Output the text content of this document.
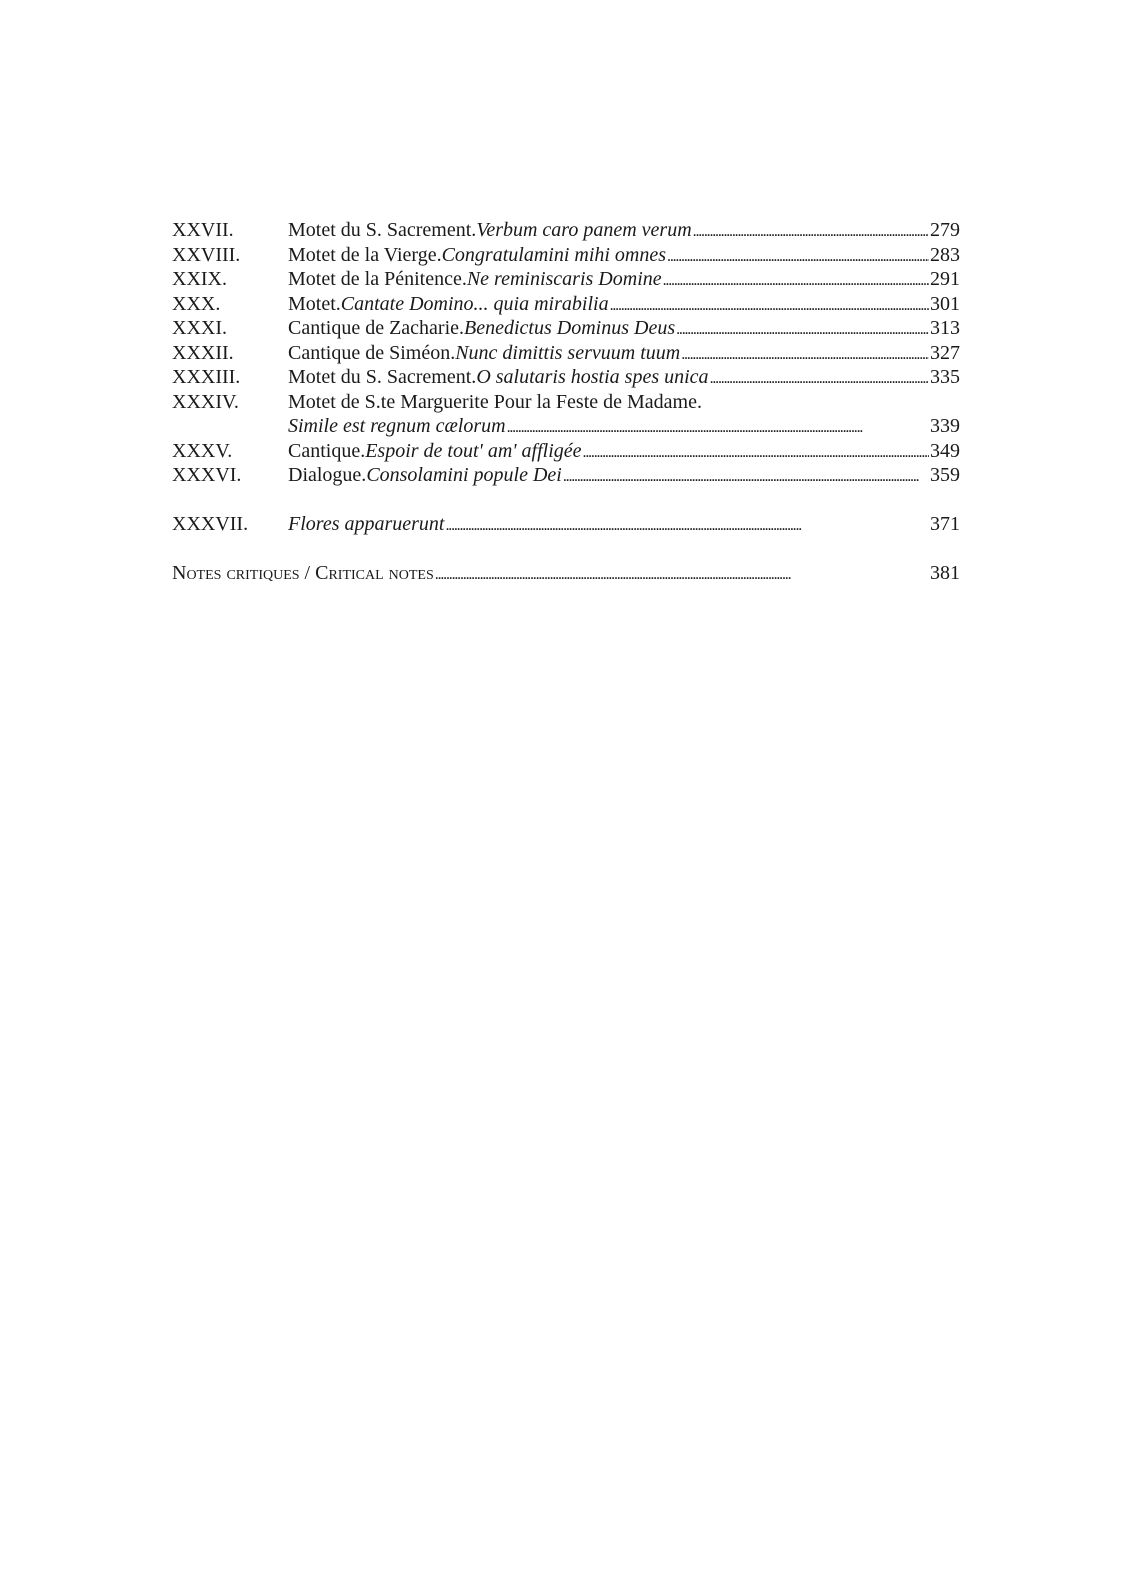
XXVII.	Motet du S. Sacrement. Verbum caro panem verum . . .	279
XXVIII.	Motet de la Vierge. Congratulamini mihi omnes . . .	283
XXIX.	Motet de la Pénitence. Ne reminiscaris Domine . . .	291
XXX.	Motet. Cantate Domino... quia mirabilia . . .	301
XXXI.	Cantique de Zacharie. Benedictus Dominus Deus . . .	313
XXXII.	Cantique de Siméon. Nunc dimittis servuum tuum . . .	327
XXXIII.	Motet du S. Sacrement. O salutaris hostia spes unica . . .	335
XXXIV.	Motet de S.te Marguerite Pour la Feste de Madame.
Simile est regnum cælorum . . .	339
XXXV.	Cantique. Espoir de tout' am' affligée . . .	349
XXXVI.	Dialogue. Consolamini popule Dei . . .	359
XXXVII.	Flores apparuerunt . . .	371
Notes critiques / Critical notes . . .	381
